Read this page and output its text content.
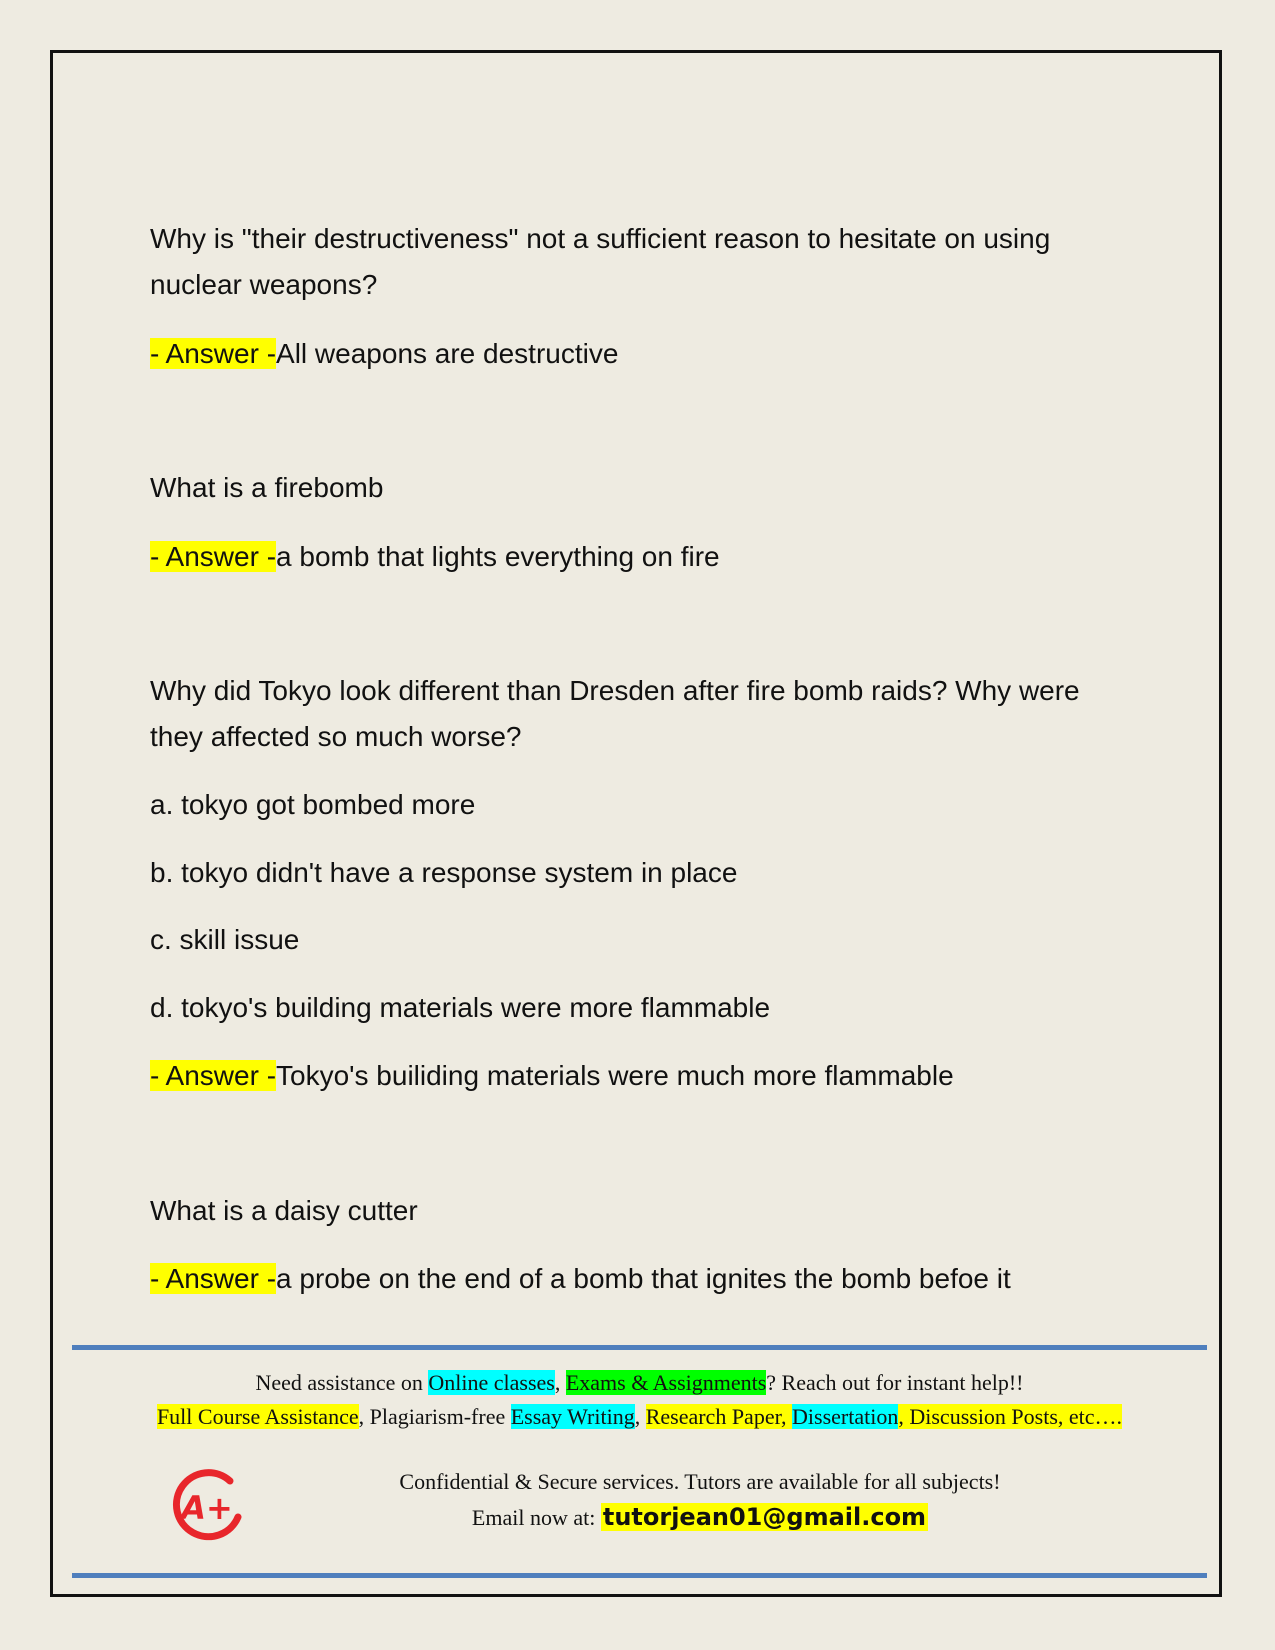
Why is "their destructiveness" not a sufficient reason to hesitate on using nuclear weapons?
- Answer -All weapons are destructive
What is a firebomb
- Answer -a bomb that lights everything on fire
Why did Tokyo look different than Dresden after fire bomb raids? Why were they affected so much worse?
a. tokyo got bombed more
b. tokyo didn't have a response system in place
c. skill issue
d. tokyo's building materials were more flammable
- Answer -Tokyo's builiding materials were much more flammable
What is a daisy cutter
- Answer -a probe on the end of a bomb that ignites the bomb befoe it
Need assistance on Online classes, Exams & Assignments? Reach out for instant help!!
Full Course Assistance, Plagiarism-free Essay Writing, Research Paper, Dissertation, Discussion Posts, etc….
A+
Confidential & Secure services. Tutors are available for all subjects!
Email now at: tutorjean01@gmail.com
